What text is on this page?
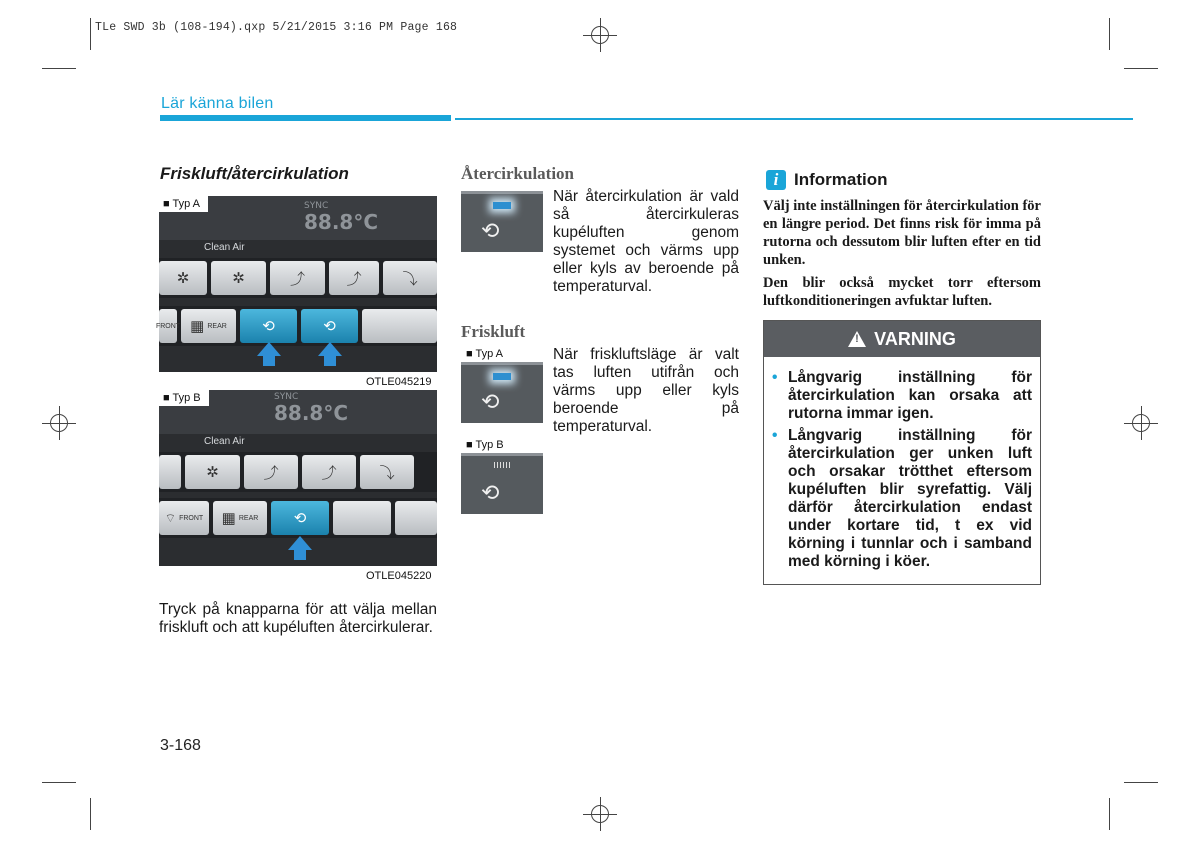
TLe SWD 3b (108-194).qxp 5/21/2015 3:16 PM Page 168
Lär känna bilen
Friskluft/återcirkulation
■ Typ A	SYNC
88.8°C
Clean Air
✲	✲	⤴	⤴	⤵
FRONT ▦ REAR ⟲	⟲
OTLE045219
■ Typ B	SYNC
88.8°C
Clean Air
✲	⤴	⤴	⤵
⌔ FRONT ▦ REAR ⟲
OTLE045220
Tryck på knapparna för att välja mellan friskluft och att kupéluften återcirkulerar.
Återcirkulation
⟲
När återcirkulation är vald så återcirkuleras kupéluften genom systemet och värms upp eller kyls av beroende på temperaturval.
Friskluft
■ Typ A
⟲
■ Typ B
⟲
När friskluftsläge är valt tas luften utifrån och värms upp eller kyls beroende på temperaturval.
i Information
Välj inte inställningen för återcirkulation för en längre period. Det finns risk för imma på rutorna och dessutom blir luften efter en tid unken.
Den blir också mycket torr eftersom luftkonditioneringen avfuktar luften.
!
VARNING
• Långvarig inställning för återcirkulation kan orsaka att rutorna immar igen.
• Långvarig inställning för återcirkulation ger unken luft och orsakar trötthet eftersom kupéluften blir syrefattig. Välj därför återcirkulation endast under kortare tid, t ex vid körning i tunnlar och i samband med körning i köer.
3-168
